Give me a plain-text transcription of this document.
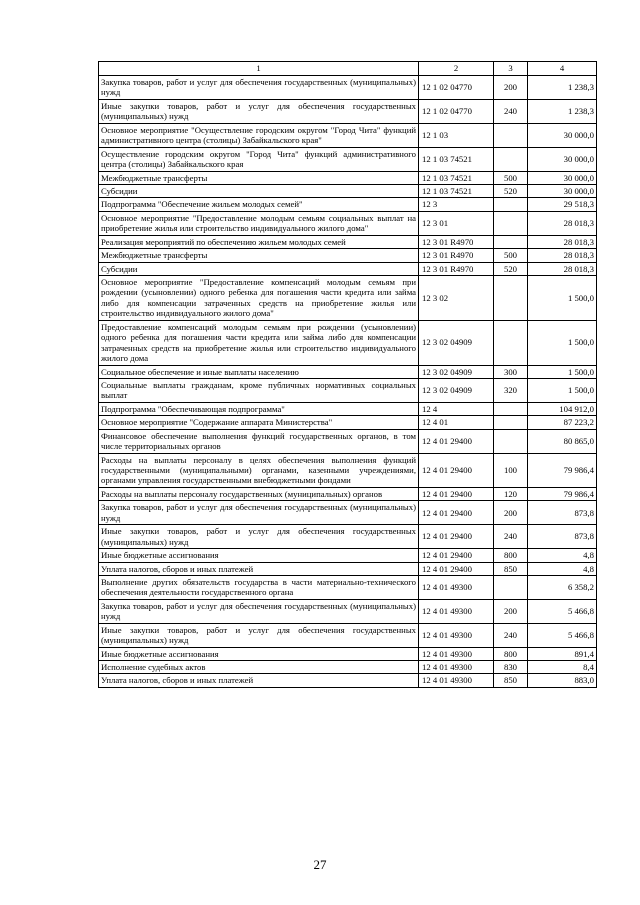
1	2	3	4
Закупка товаров, работ и услуг для обеспечения государственных (муниципальных) нужд	12 1 02 04770	200	1 238,3
Иные закупки товаров, работ и услуг для обеспечения государственных (муниципальных) нужд	12 1 02 04770	240	1 238,3
Основное мероприятие "Осуществление городским округом "Город Чита" функций административного центра (столицы) Забайкальского края"	12 1 03		30 000,0
Осуществление городским округом "Город Чита" функций административного центра (столицы) Забайкальского края	12 1 03 74521		30 000,0
Межбюджетные трансферты	12 1 03 74521	500	30 000,0
Субсидии	12 1 03 74521	520	30 000,0
Подпрограмма "Обеспечение жильем молодых семей"	12 3		29 518,3
Основное мероприятие "Предоставление молодым семьям социальных выплат на приобретение жилья или строительство индивидуального жилого дома"	12 3 01		28 018,3
Реализация мероприятий по обеспечению жильем молодых семей	12 3 01 R4970		28 018,3
Межбюджетные трансферты	12 3 01 R4970	500	28 018,3
Субсидии	12 3 01 R4970	520	28 018,3
Основное мероприятие "Предоставление компенсаций молодым семьям при рождении (усыновлении) одного ребенка для погашения части кредита или займа либо для компенсации затраченных средств на приобретение жилья или строительство индивидуального жилого дома"	12 3 02		1 500,0
Предоставление компенсаций молодым семьям при рождении (усыновлении) одного ребенка для погашения части кредита или займа либо для компенсации затраченных средств на приобретение жилья или строительство индивидуального жилого дома	12 3 02 04909		1 500,0
Социальное обеспечение и иные выплаты населению	12 3 02 04909	300	1 500,0
Социальные выплаты гражданам, кроме публичных нормативных социальных выплат	12 3 02 04909	320	1 500,0
Подпрограмма "Обеспечивающая подпрограмма"	12 4		104 912,0
Основное мероприятие "Содержание аппарата Министерства"	12 4 01		87 223,2
Финансовое обеспечение выполнения функций государственных органов, в том числе территориальных органов	12 4 01 29400		80 865,0
Расходы на выплаты персоналу в целях обеспечения выполнения функций государственными (муниципальными) органами, казенными учреждениями, органами управления государственными внебюджетными фондами	12 4 01 29400	100	79 986,4
Расходы на выплаты персоналу государственных (муниципальных) органов	12 4 01 29400	120	79 986,4
Закупка товаров, работ и услуг для обеспечения государственных (муниципальных) нужд	12 4 01 29400	200	873,8
Иные закупки товаров, работ и услуг для обеспечения государственных (муниципальных) нужд	12 4 01 29400	240	873,8
Иные бюджетные ассигнования	12 4 01 29400	800	4,8
Уплата налогов, сборов и иных платежей	12 4 01 29400	850	4,8
Выполнение других обязательств государства в части материально-технического обеспечения деятельности государственного органа	12 4 01 49300		6 358,2
Закупка товаров, работ и услуг для обеспечения государственных (муниципальных) нужд	12 4 01 49300	200	5 466,8
Иные закупки товаров, работ и услуг для обеспечения государственных (муниципальных) нужд	12 4 01 49300	240	5 466,8
Иные бюджетные ассигнования	12 4 01 49300	800	891,4
Исполнение судебных актов	12 4 01 49300	830	8,4
Уплата налогов, сборов и иных платежей	12 4 01 49300	850	883,0
27
